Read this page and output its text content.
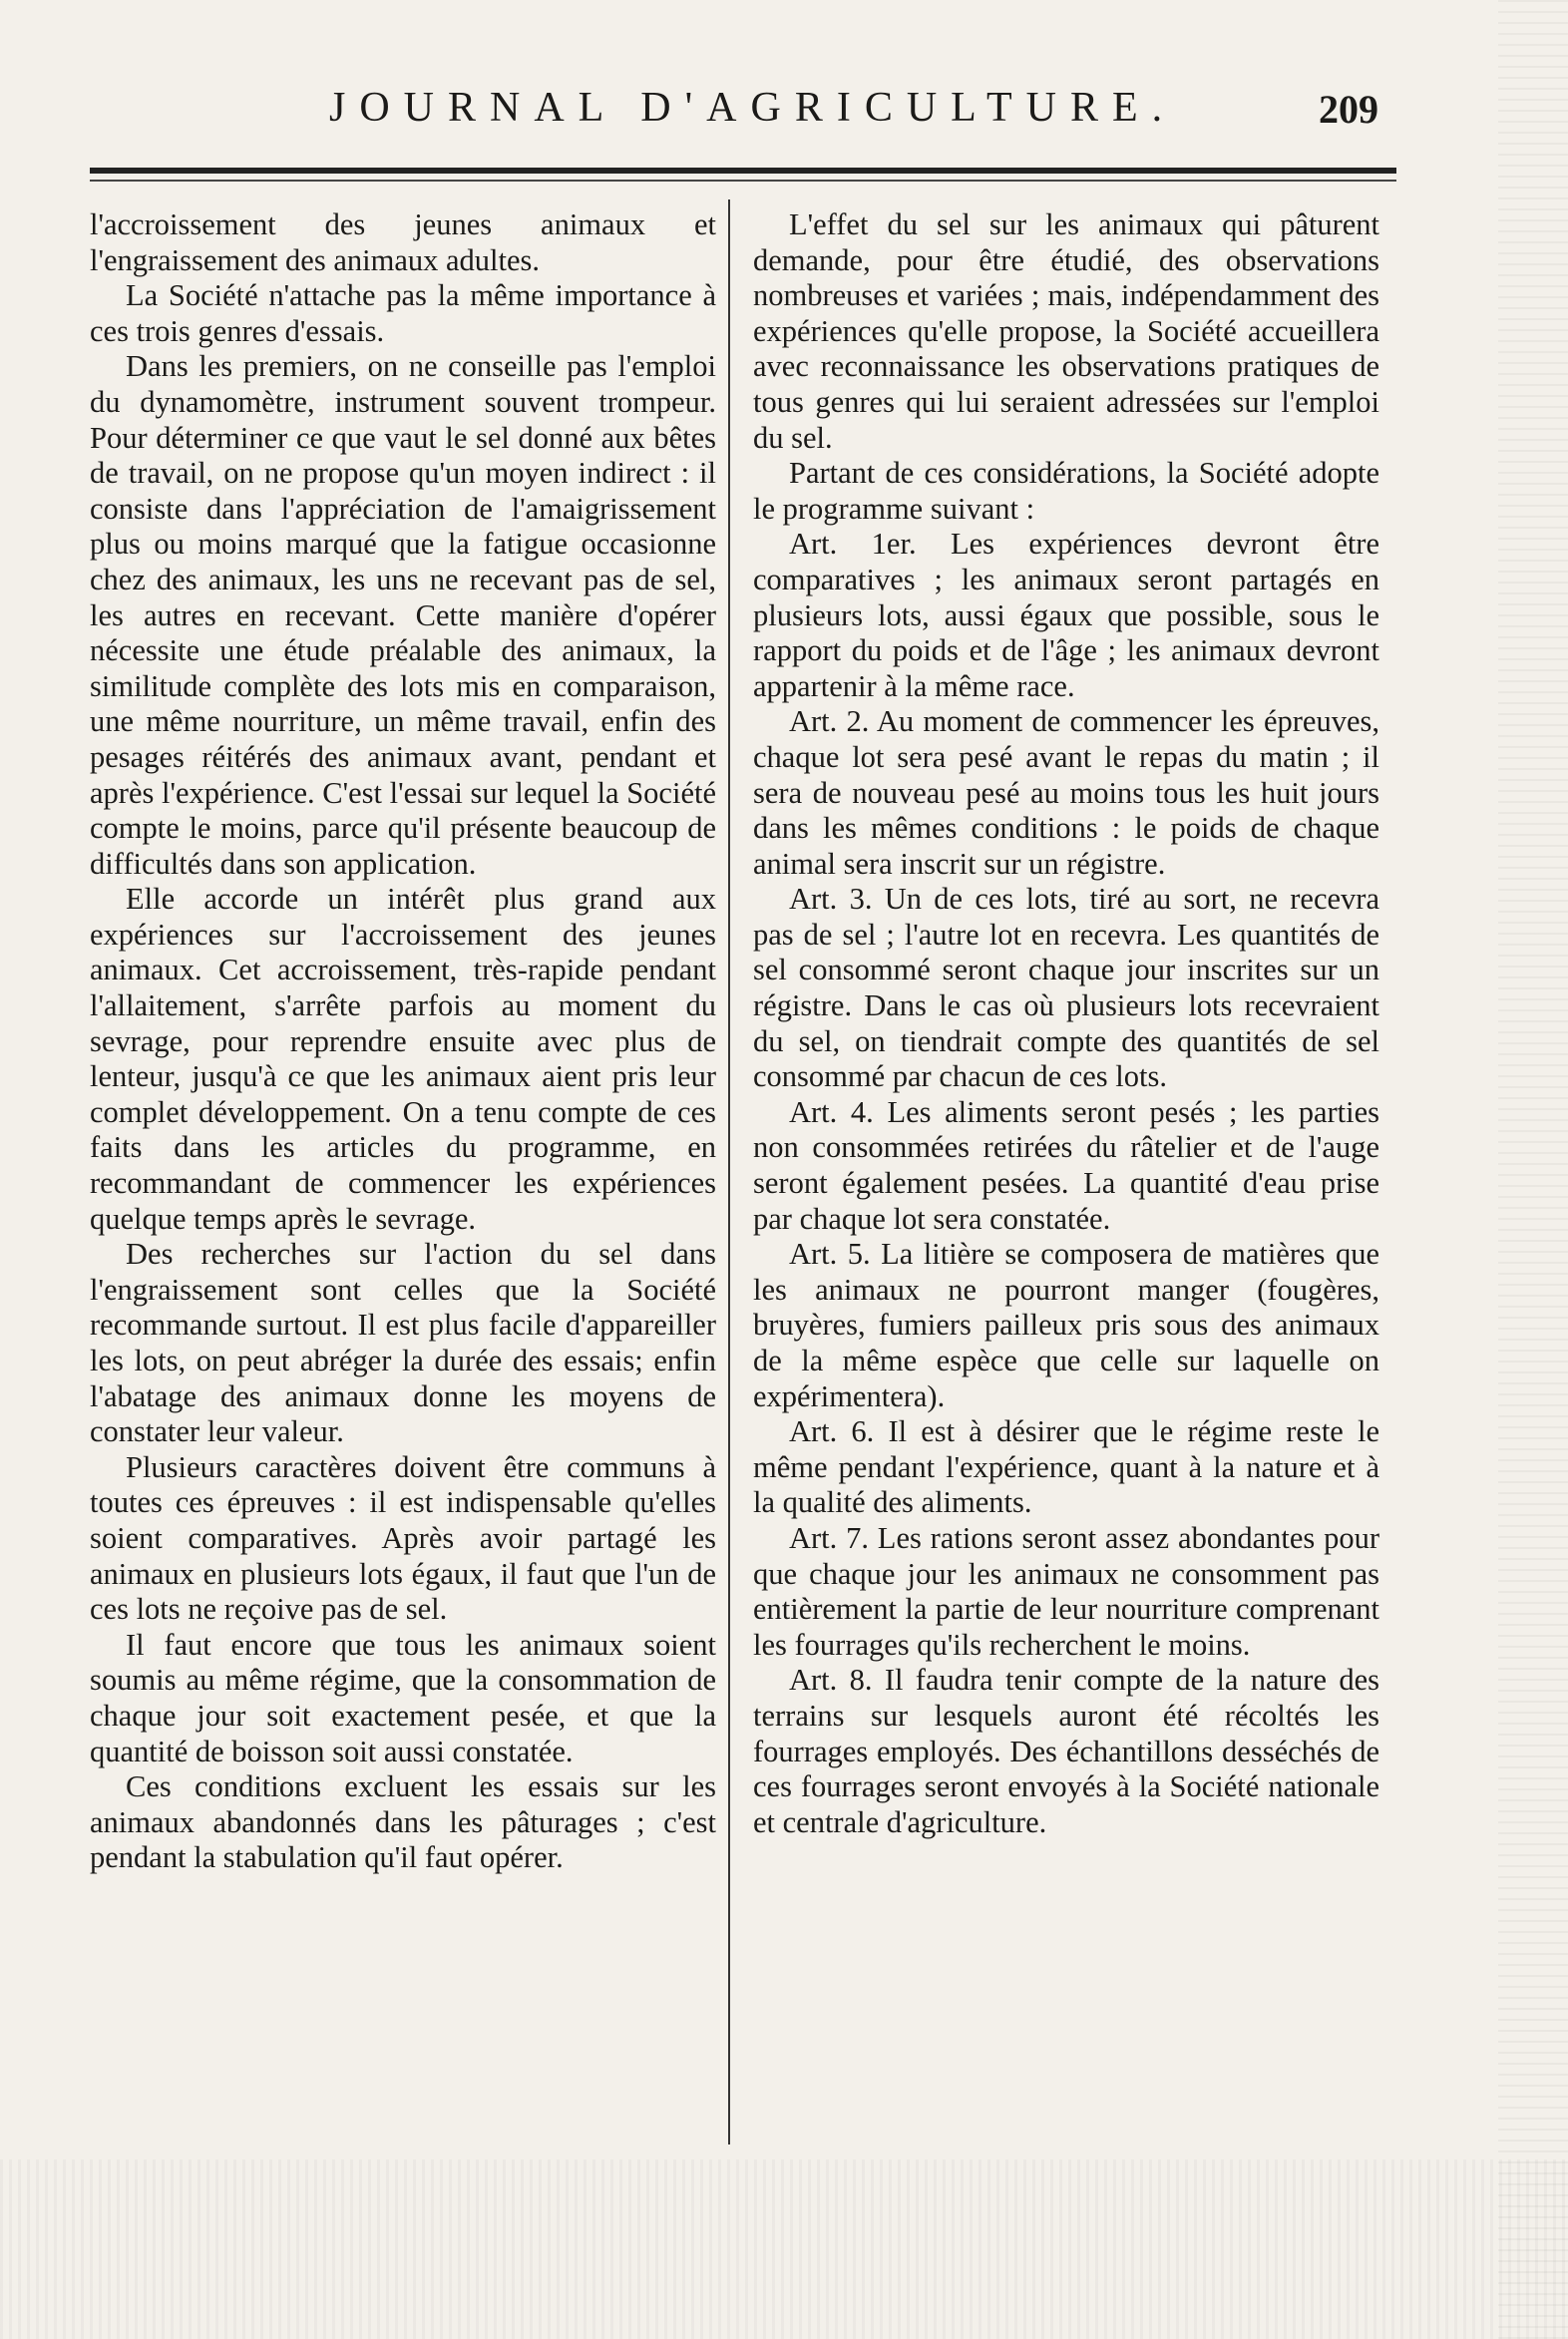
JOURNAL D'AGRICULTURE.	209

l'accroissement des jeunes animaux et l'engraissement des animaux adultes.

La Société n'attache pas la même importance à ces trois genres d'essais.

Dans les premiers, on ne conseille pas l'emploi du dynamomètre, instrument souvent trompeur. Pour déterminer ce que vaut le sel donné aux bêtes de travail, on ne propose qu'un moyen indirect : il consiste dans l'appréciation de l'amaigrissement plus ou moins marqué que la fatigue occasionne chez des animaux, les uns ne recevant pas de sel, les autres en recevant. Cette manière d'opérer nécessite une étude préalable des animaux, la similitude complète des lots mis en comparaison, une même nourriture, un même travail, enfin des pesages réitérés des animaux avant, pendant et après l'expérience. C'est l'essai sur lequel la Société compte le moins, parce qu'il présente beaucoup de difficultés dans son application.

Elle accorde un intérêt plus grand aux expériences sur l'accroissement des jeunes animaux. Cet accroissement, très-rapide pendant l'allaitement, s'arrête parfois au moment du sevrage, pour reprendre ensuite avec plus de lenteur, jusqu'à ce que les animaux aient pris leur complet développement. On a tenu compte de ces faits dans les articles du programme, en recommandant de commencer les expériences quelque temps après le sevrage.

Des recherches sur l'action du sel dans l'engraissement sont celles que la Société recommande surtout. Il est plus facile d'appareiller les lots, on peut abréger la durée des essais; enfin l'abatage des animaux donne les moyens de constater leur valeur.

Plusieurs caractères doivent être communs à toutes ces épreuves : il est indispensable qu'elles soient comparatives. Après avoir partagé les animaux en plusieurs lots égaux, il faut que l'un de ces lots ne reçoive pas de sel.

Il faut encore que tous les animaux soient soumis au même régime, que la consommation de chaque jour soit exactement pesée, et que la quantité de boisson soit aussi constatée.

Ces conditions excluent les essais sur les animaux abandonnés dans les pâturages ; c'est pendant la stabulation qu'il faut opérer.

L'effet du sel sur les animaux qui pâturent demande, pour être étudié, des observations nombreuses et variées ; mais, indépendamment des expériences qu'elle propose, la Société accueillera avec reconnaissance les observations pratiques de tous genres qui lui seraient adressées sur l'emploi du sel.

Partant de ces considérations, la Société adopte le programme suivant :

Art. 1er. Les expériences devront être comparatives ; les animaux seront partagés en plusieurs lots, aussi égaux que possible, sous le rapport du poids et de l'âge ; les animaux devront appartenir à la même race.

Art. 2. Au moment de commencer les épreuves, chaque lot sera pesé avant le repas du matin ; il sera de nouveau pesé au moins tous les huit jours dans les mêmes conditions : le poids de chaque animal sera inscrit sur un régistre.

Art. 3. Un de ces lots, tiré au sort, ne recevra pas de sel ; l'autre lot en recevra. Les quantités de sel consommé seront chaque jour inscrites sur un régistre. Dans le cas où plusieurs lots recevraient du sel, on tiendrait compte des quantités de sel consommé par chacun de ces lots.

Art. 4. Les aliments seront pesés ; les parties non consommées retirées du râtelier et de l'auge seront également pesées. La quantité d'eau prise par chaque lot sera constatée.

Art. 5. La litière se composera de matières que les animaux ne pourront manger (fougères, bruyères, fumiers pailleux pris sous des animaux de la même espèce que celle sur laquelle on expérimentera).

Art. 6. Il est à désirer que le régime reste le même pendant l'expérience, quant à la nature et à la qualité des aliments.

Art. 7. Les rations seront assez abondantes pour que chaque jour les animaux ne consomment pas entièrement la partie de leur nourriture comprenant les fourrages qu'ils recherchent le moins.

Art. 8. Il faudra tenir compte de la nature des terrains sur lesquels auront été récoltés les fourrages employés. Des échantillons desséchés de ces fourrages seront envoyés à la Société nationale et centrale d'agriculture.
